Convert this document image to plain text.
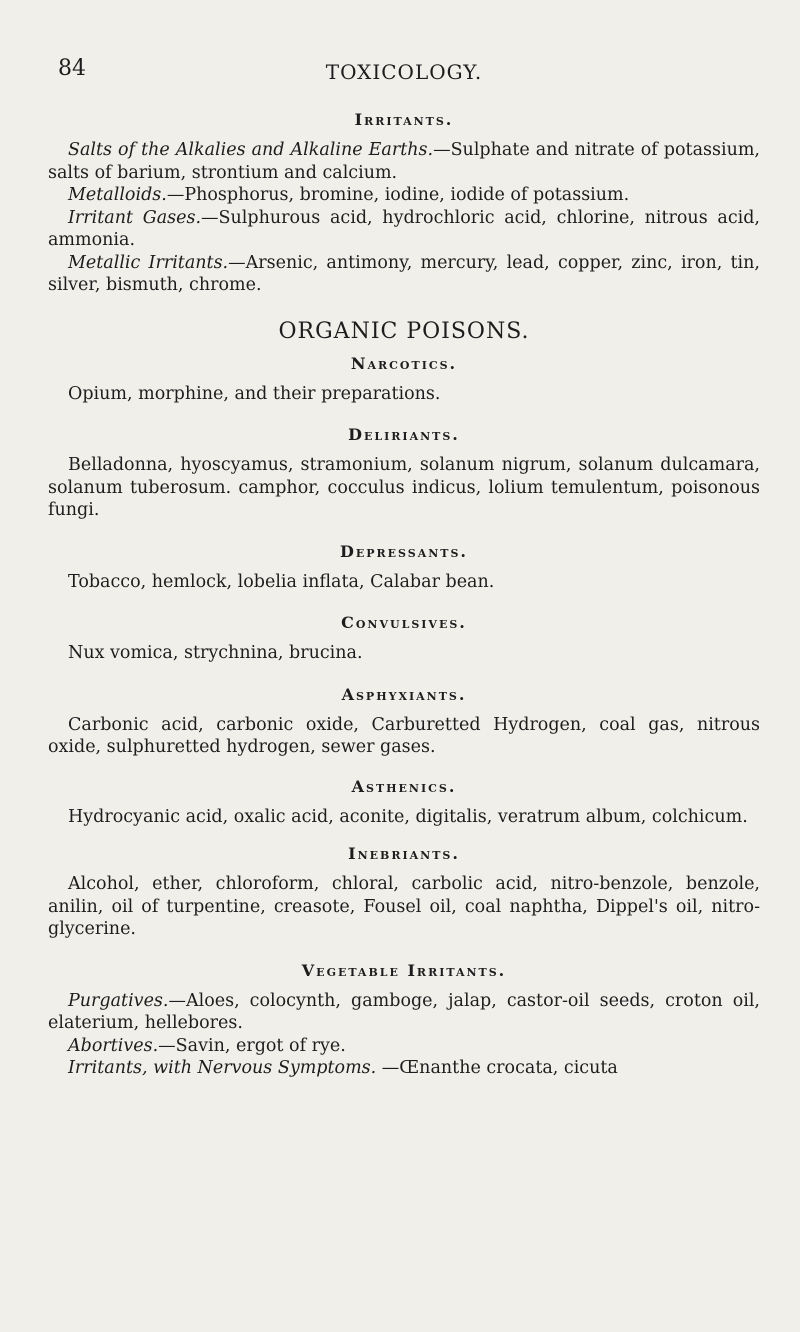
84	TOXICOLOGY.
Irritants.

Salts of the Alkalies and Alkaline Earths.—Sulphate and nitrate of potassium, salts of barium, strontium and calcium.

Metalloids.—Phosphorus, bromine, iodine, iodide of potassium.

Irritant Gases.—Sulphurous acid, hydrochloric acid, chlorine, nitrous acid, ammonia.

Metallic Irritants.—Arsenic, antimony, mercury, lead, copper, zinc, iron, tin, silver, bismuth, chrome.

ORGANIC POISONS.
Narcotics.

Opium, morphine, and their preparations.

Deliriants.

Belladonna, hyoscyamus, stramonium, solanum nigrum, solanum dulcamara, solanum tuberosum. camphor, cocculus indicus, lolium temulentum, poisonous fungi.

Depressants.

Tobacco, hemlock, lobelia inflata, Calabar bean.

Convulsives.

Nux vomica, strychnina, brucina.

Asphyxiants.

Carbonic acid, carbonic oxide, Carburetted Hydrogen, coal gas, nitrous oxide, sulphuretted hydrogen, sewer gases.

Asthenics.

Hydrocyanic acid, oxalic acid, aconite, digitalis, veratrum album, colchicum.

Inebriants.

Alcohol, ether, chloroform, chloral, carbolic acid, nitro-benzole, benzole, anilin, oil of turpentine, creasote, Fousel oil, coal naphtha, Dippel's oil, nitro-glycerine.

Vegetable Irritants.

Purgatives.—Aloes, colocynth, gamboge, jalap, castor-oil seeds, croton oil, elaterium, hellebores.

Abortives.—Savin, ergot of rye.

Irritants, with Nervous Symptoms. —Œnanthe crocata, cicuta
